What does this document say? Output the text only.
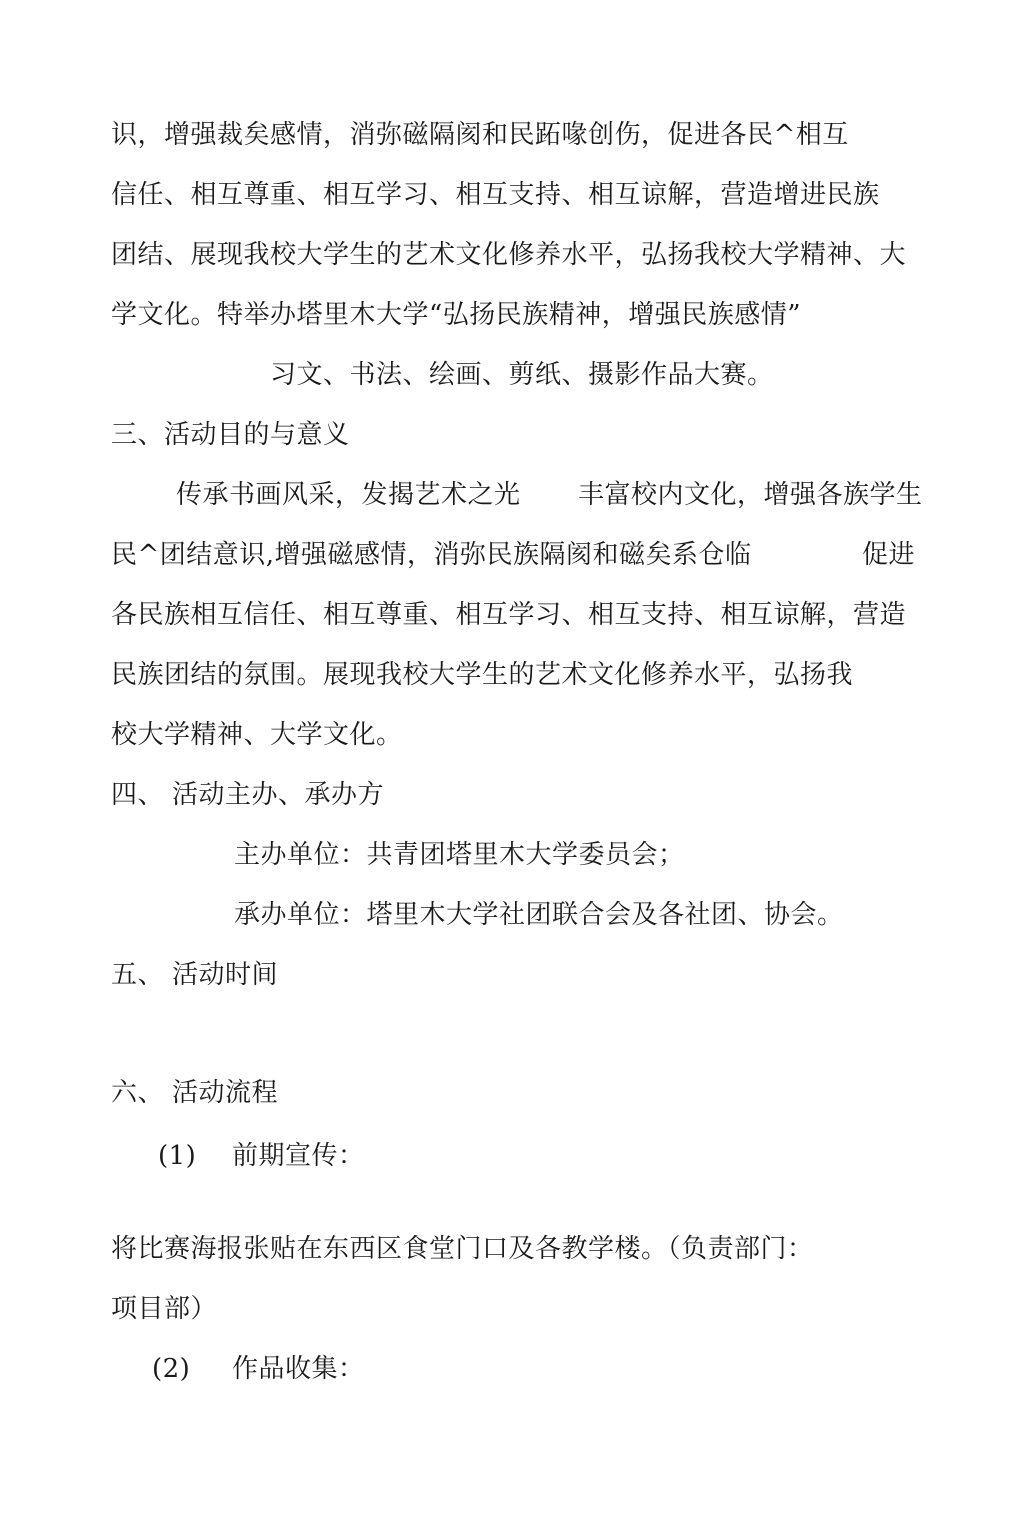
识，增强裁矣感情，消弥磁隔阂和民跖喙创伤，促进各民^相互
信任、相互尊重、相互学习、相互支持、相互谅解，营造增进民族
团结、展现我校大学生的艺术文化修养水平，弘扬我校大学精神、大
学文化。特举办塔里木大学“弘扬民族精神，增强民族感情”
习文、书法、绘画、剪纸、摄影作品大赛。
三、活动目的与意义
传承书画风采，发揭艺术之光 丰富校内文化，增强各族学生
民^团结意识,增强磁感情，消弥民族隔阂和磁矣系仓临	促进
各民族相互信任、相互尊重、相互学习、相互支持、相互谅解，营造
民族团结的氛围。展现我校大学生的艺术文化修养水平，弘扬我
校大学精神、大学文化。
四、 活动主办、承办方
主办单位：共青团塔里木大学委员会；
承办单位：塔里木大学社团联合会及各社团、协会。
五、 活动时间
六、 活动流程
(1) 前期宣传：
将比赛海报张贴在东西区食堂门口及各教学楼。（负责部门：
项目部）
(2) 作品收集：
